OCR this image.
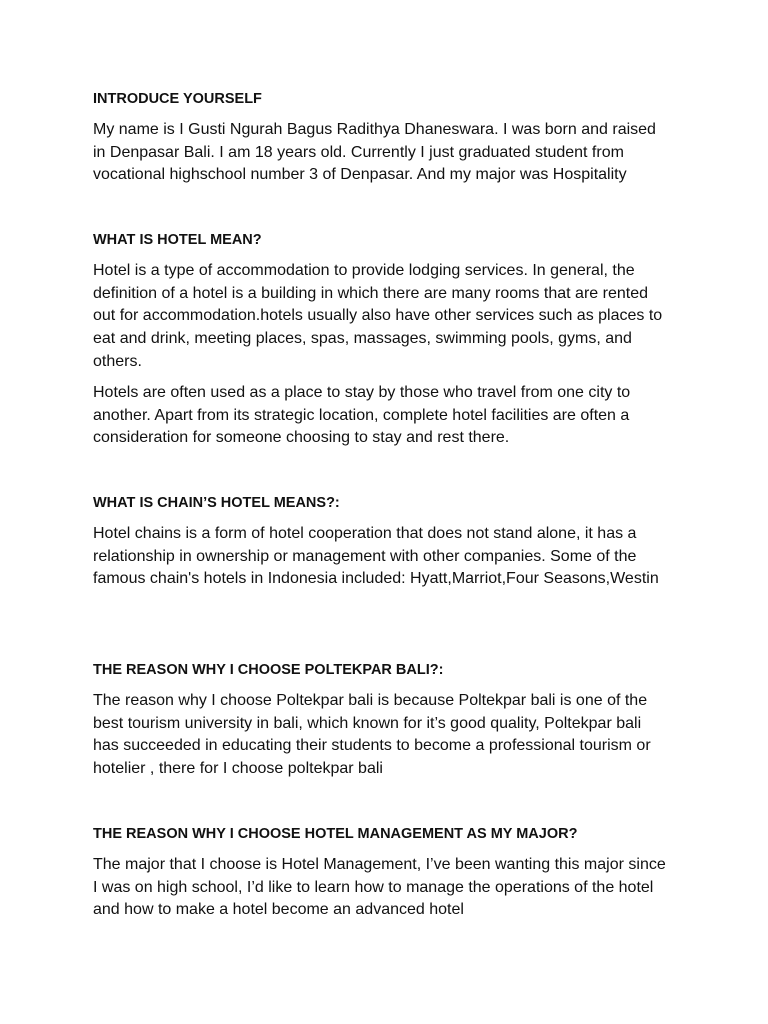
INTRODUCE YOURSELF

My name is I Gusti Ngurah Bagus Radithya Dhaneswara. I was born and raised in Denpasar Bali. I am 18 years old. Currently I just graduated student from vocational highschool number 3 of Denpasar. And my major was Hospitality

WHAT IS HOTEL MEAN?

Hotel is a type of accommodation to provide lodging services. In general, the definition of a hotel is a building in which there are many rooms that are rented out for accommodation.hotels usually also have other services such as places to eat and drink, meeting places, spas, massages, swimming pools, gyms, and others.

Hotels are often used as a place to stay by those who travel from one city to another. Apart from its strategic location, complete hotel facilities are often a consideration for someone choosing to stay and rest there.

WHAT IS CHAIN’S HOTEL MEANS?:

Hotel chains is a form of hotel cooperation that does not stand alone, it has a relationship in ownership or management with other companies. Some of the famous chain's hotels in Indonesia included: Hyatt,Marriot,Four Seasons,Westin

THE REASON WHY I CHOOSE POLTEKPAR BALI?:

The reason why I choose Poltekpar bali is because Poltekpar bali is one of the best tourism university in bali, which known for it’s good quality, Poltekpar bali has succeeded in educating their students to become a professional tourism or hotelier , there for I choose poltekpar bali

THE REASON WHY I CHOOSE HOTEL MANAGEMENT AS MY MAJOR?

The major that I choose is Hotel Management, I’ve been wanting this major since I was on high school, I’d like to learn how to manage the operations of the hotel and how to make a hotel become an advanced hotel
